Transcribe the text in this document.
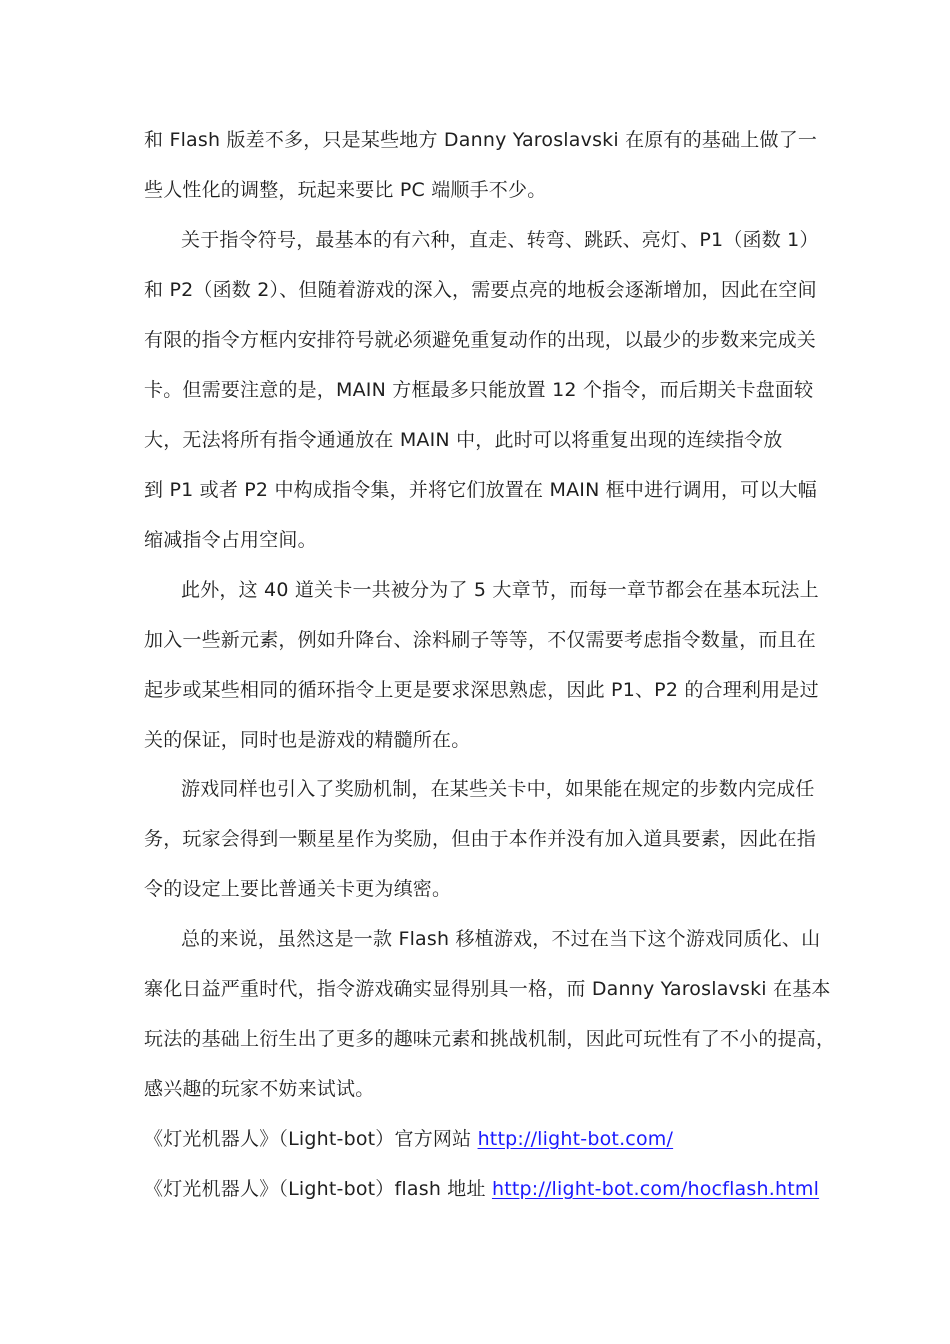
和 Flash 版差不多，只是某些地方 Danny Yaroslavski 在原有的基础上做了一
些人性化的调整，玩起来要比 PC 端顺手不少。
关于指令符号，最基本的有六种，直走、转弯、跳跃、亮灯、P1（函数 1）
和 P2（函数 2）、但随着游戏的深入，需要点亮的地板会逐渐增加，因此在空间
有限的指令方框内安排符号就必须避免重复动作的出现，以最少的步数来完成关
卡。但需要注意的是，MAIN 方框最多只能放置 12 个指令，而后期关卡盘面较
大，无法将所有指令通通放在 MAIN 中，此时可以将重复出现的连续指令放
到 P1 或者 P2 中构成指令集，并将它们放置在 MAIN 框中进行调用，可以大幅
缩减指令占用空间。
此外，这 40 道关卡一共被分为了 5 大章节，而每一章节都会在基本玩法上
加入一些新元素，例如升降台、涂料刷子等等，不仅需要考虑指令数量，而且在
起步或某些相同的循环指令上更是要求深思熟虑，因此 P1、P2 的合理利用是过
关的保证，同时也是游戏的精髓所在。
游戏同样也引入了奖励机制，在某些关卡中，如果能在规定的步数内完成任
务，玩家会得到一颗星星作为奖励，但由于本作并没有加入道具要素，因此在指
令的设定上要比普通关卡更为缜密。
总的来说，虽然这是一款 Flash 移植游戏，不过在当下这个游戏同质化、山
寨化日益严重时代，指令游戏确实显得别具一格，而 Danny Yaroslavski 在基本
玩法的基础上衍生出了更多的趣味元素和挑战机制，因此可玩性有了不小的提高，
感兴趣的玩家不妨来试试。
《灯光机器人》（Light-bot）官方网站 http://light-bot.com/
《灯光机器人》（Light-bot）flash 地址 http://light-bot.com/hocflash.html
